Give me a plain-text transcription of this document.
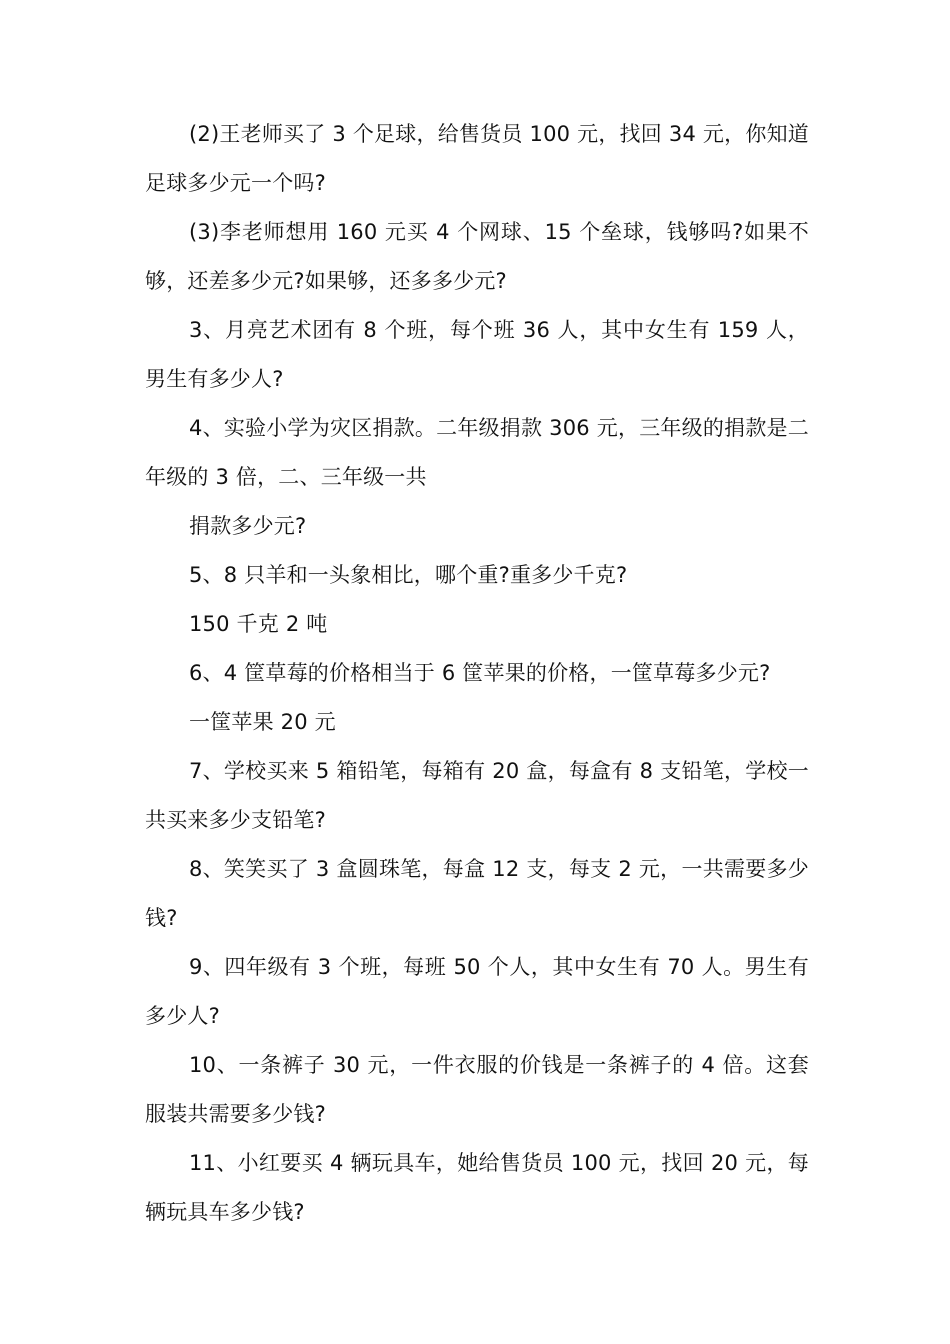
(2)王老师买了 3 个足球，给售货员 100 元，找回 34 元，你知道足球多少元一个吗?

(3)李老师想用 160 元买 4 个网球、15 个垒球，钱够吗?如果不够，还差多少元?如果够，还多多少元?

3、月亮艺术团有 8 个班，每个班 36 人，其中女生有 159 人，男生有多少人?

4、实验小学为灾区捐款。二年级捐款 306 元，三年级的捐款是二年级的 3 倍，二、三年级一共

捐款多少元?

5、8 只羊和一头象相比，哪个重?重多少千克?

150 千克 2 吨

6、4 筐草莓的价格相当于 6 筐苹果的价格，一筐草莓多少元?

一筐苹果 20 元

7、学校买来 5 箱铅笔，每箱有 20 盒，每盒有 8 支铅笔，学校一共买来多少支铅笔?

8、笑笑买了 3 盒圆珠笔，每盒 12 支，每支 2 元，一共需要多少钱?

9、四年级有 3 个班，每班 50 个人，其中女生有 70 人。男生有多少人?

10、一条裤子 30 元，一件衣服的价钱是一条裤子的 4 倍。这套服装共需要多少钱?

11、小红要买 4 辆玩具车，她给售货员 100 元，找回 20 元，每辆玩具车多少钱?
